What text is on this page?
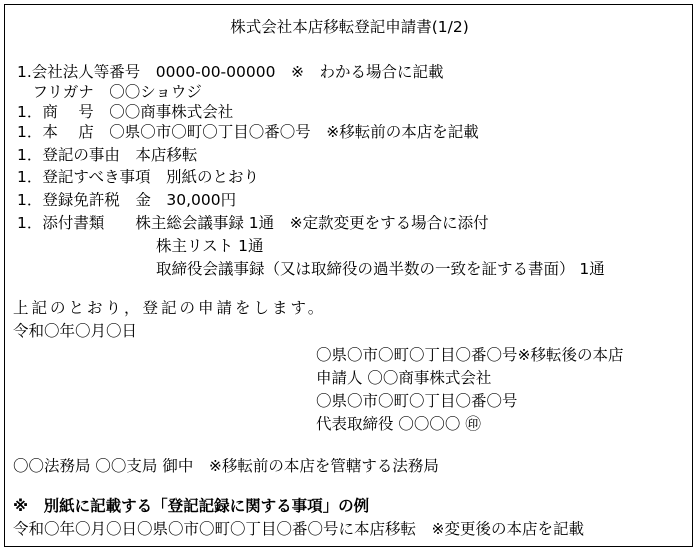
株式会社本店移転登記申請書(1/2)
1.会社法人等番号　0000-00-00000　※　わかる場合に記載
　フリガナ　〇〇ショウジ
1．商　 号　〇〇商事株式会社
1．本　 店　〇県〇市〇町〇丁目〇番〇号　※移転前の本店を記載
1．登記の事由　本店移転
1．登記すべき事項　別紙のとおり
1．登録免許税　金　30,000円
1．添付書類　　株主総会議事録 1通　※定款変更をする場合に添付
株主リスト 1通
取締役会議事録（又は取締役の過半数の一致を証する書面） 1通
上記のとおり，登記の申請をします。
令和〇年〇月〇日
〇県〇市〇町〇丁目〇番〇号※移転後の本店
申請人 〇〇商事株式会社
〇県〇市〇町〇丁目〇番〇号
代表取締役 〇〇〇〇 ㊞
〇〇法務局 〇〇支局 御中　※移転前の本店を管轄する法務局
※　別紙に記載する「登記記録に関する事項」の例
令和〇年〇月〇日〇県〇市〇町〇丁目〇番〇号に本店移転　※変更後の本店を記載
